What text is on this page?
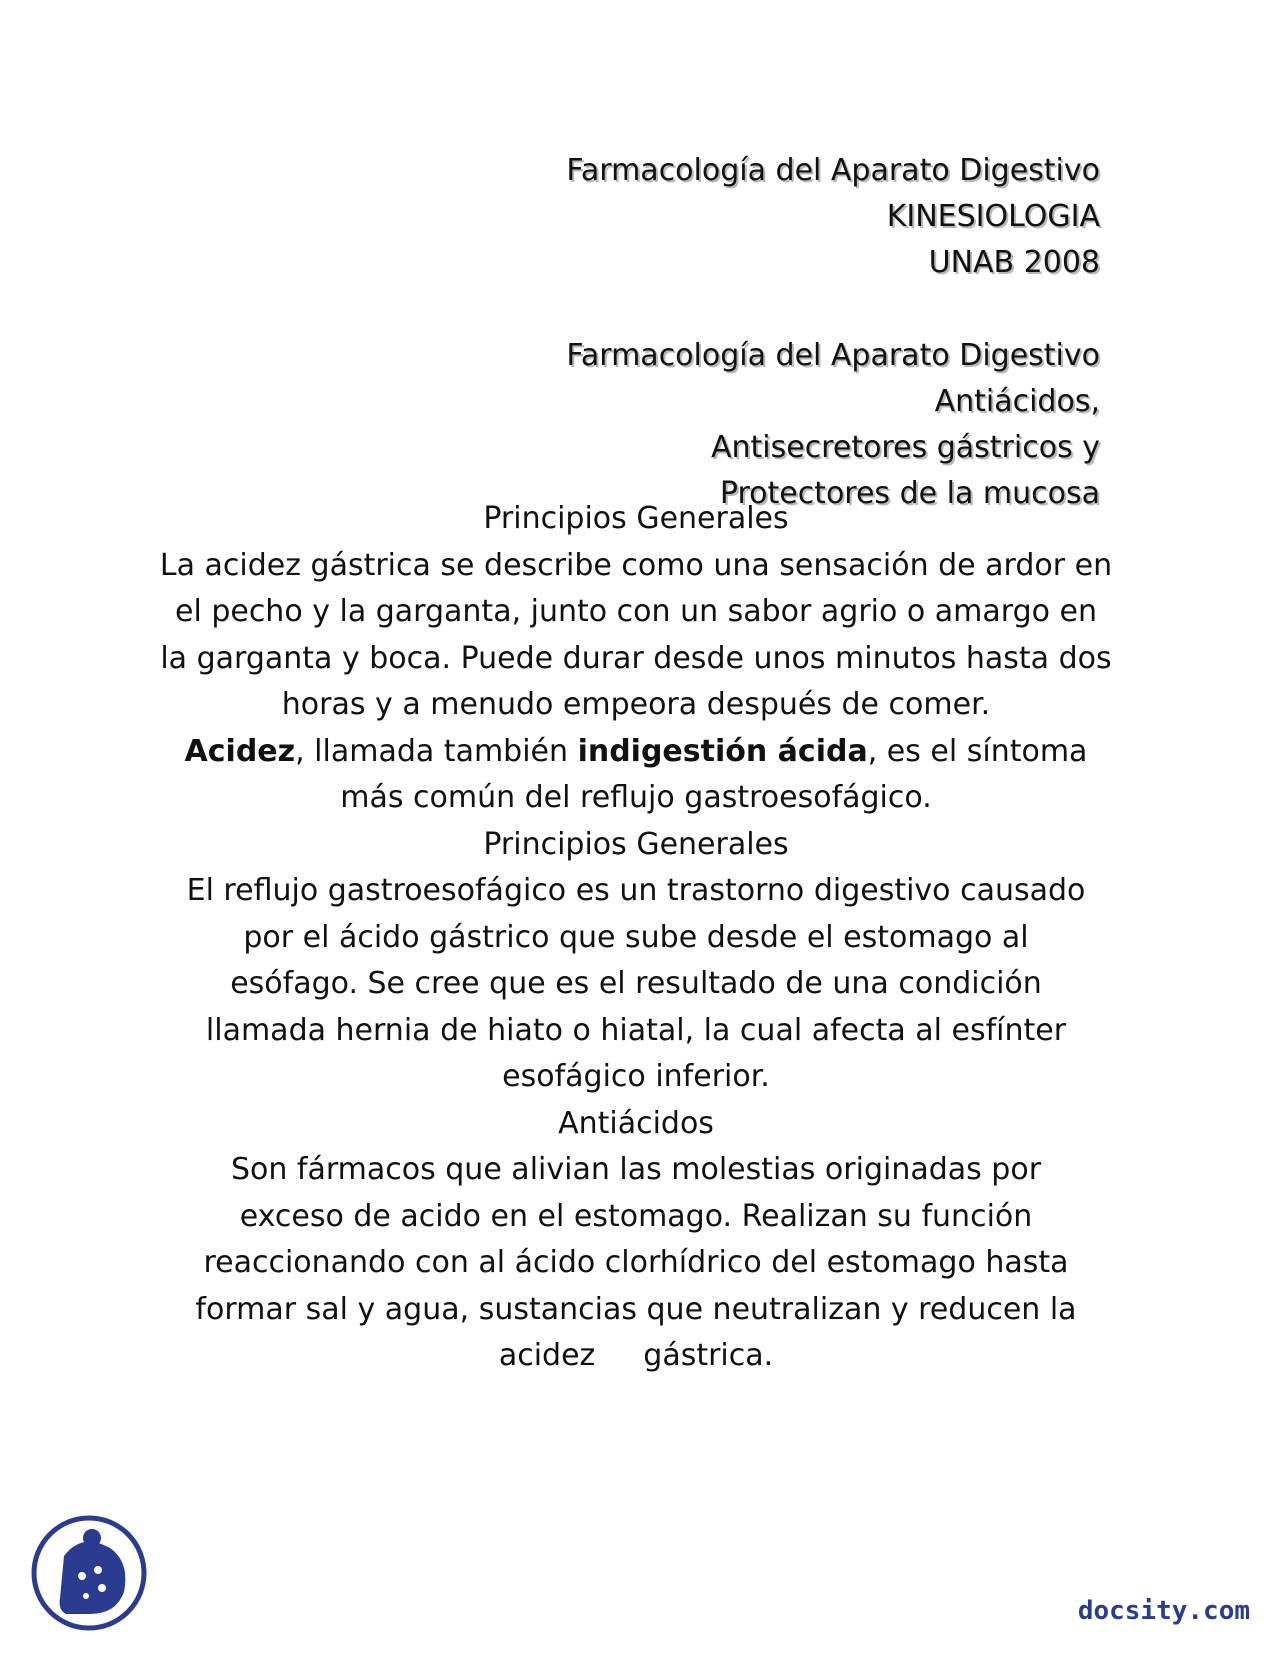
Farmacología del Aparato Digestivo
KINESIOLOGIA
UNAB 2008
Farmacología del Aparato Digestivo
Antiácidos,
Antisecretores gástricos y
Protectores de la mucosa

Principios Generales

La acidez gástrica se describe como una sensación de ardor en el pecho y la garganta, junto con un sabor agrio o amargo en la garganta y boca. Puede durar desde unos minutos hasta dos horas y a menudo empeora después de comer.

Acidez, llamada también indigestión ácida, es el síntoma más común del reflujo gastroesofágico.

Principios Generales

El reflujo gastroesofágico es un trastorno digestivo causado por el ácido gástrico que sube desde el estomago al esófago. Se cree que es el resultado de una condición llamada hernia de hiato o hiatal, la cual afecta al esfínter esofágico inferior.

Antiácidos

Son fármacos que alivian las molestias originadas por exceso de acido en el estomago. Realizan su función reaccionando con al ácido clorhídrico del estomago hasta formar sal y agua, sustancias que neutralizan y reducen la acidez gástrica.

docsity.com
